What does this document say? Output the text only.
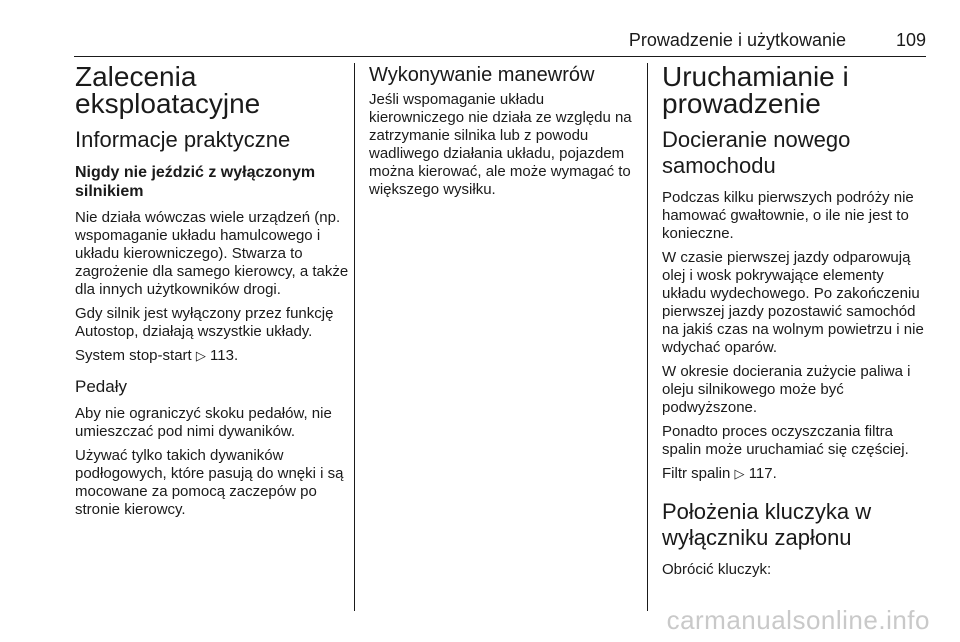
Prowadzenie i użytkowanie	109
Zalecenia eksploatacyjne
Informacje praktyczne
Nigdy nie jeździć z wyłączonym silnikiem

Nie działa wówczas wiele urządzeń (np. wspomaganie układu hamulcowego i układu kierowniczego). Stwarza to zagrożenie dla samego kierowcy, a także dla innych użytkowników drogi.

Gdy silnik jest wyłączony przez funkcję Autostop, działają wszystkie układy.

System stop-start ▷ 113.

Pedały

Aby nie ograniczyć skoku pedałów, nie umieszczać pod nimi dywaników.

Używać tylko takich dywaników podłogowych, które pasują do wnęki i są mocowane za pomocą zaczepów po stronie kierowcy.

Wykonywanie manewrów

Jeśli wspomaganie układu kierowniczego nie działa ze względu na zatrzymanie silnika lub z powodu wadliwego działania układu, pojazdem można kierować, ale może wymagać to większego wysiłku.

Uruchamianie i prowadzenie
Docieranie nowego samochodu

Podczas kilku pierwszych podróży nie hamować gwałtownie, o ile nie jest to konieczne.

W czasie pierwszej jazdy odparowują olej i wosk pokrywające elementy układu wydechowego. Po zakończeniu pierwszej jazdy pozostawić samochód na jakiś czas na wolnym powietrzu i nie wdychać oparów.

W okresie docierania zużycie paliwa i oleju silnikowego może być podwyższone.

Ponadto proces oczyszczania filtra spalin może uruchamiać się częściej.

Filtr spalin ▷ 117.

Położenia kluczyka w wyłączniku zapłonu

Obrócić kluczyk:

carmanualsonline.info
